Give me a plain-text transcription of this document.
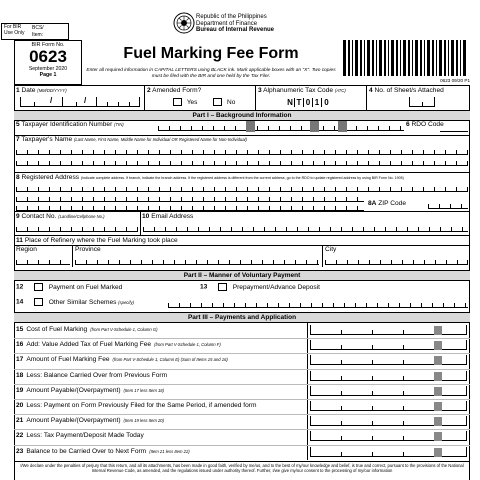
For BIR Use Only
BCS/ Item:
Republic of the Philippines
Department of Finance
Bureau of Internal Revenue
BIR Form No.
0623
September 2020
Page 1
Fuel Marking Fee Form
Enter all required information in CAPITAL LETTERS using BLACK ink. Mark applicable boxes with an "X". Two copies must be filed with the BIR and one held by the Tax Filer.
0623 09/20 P1
1 Date (MM/DD/YYYY)
/	/
2 Amended Form?
Yes	No
3 Alphanumeric Tax Code (ATC)
N T 0 1 0
4 No. of Sheet/s Attached
Part I – Background Information
5 Taxpayer Identification Number (TIN)	6 RDO Code
7 Taxpayer's Name (Last Name, First Name, Middle Name for Individual OR Registered Name for Non-Individual)
8 Registered Address (Indicate complete address. If branch, indicate the branch address. If the registered address is different from the current address, go to the RDO to update registered address by using BIR Form No. 1905)
8A ZIP Code
9 Contact No. (Landline/Cellphone No.)	10 Email Address
11 Place of Refinery where the Fuel Marking took place
Region	Province	City
Part II – Manner of Voluntary Payment
12	Payment on Fuel Marked	13	Prepayment/Advance Deposit
14	Other Similar Schemes (specify)
Part III – Payments and Application
15 Cost of Fuel Marking (from Part V-Schedule 1, Column G)
16 Add: Value Added Tax of Fuel Marking Fee (from Part V-Schedule 1, Column F)
17 Amount of Fuel Marking Fee (from Part V-Schedule 1, Column E) (Sum of Items 15 and 16)
18 Less: Balance Carried Over from Previous Form
19 Amount Payable/(Overpayment) (Item 17 less Item 18)
20 Less: Payment on Form Previously Filed for the Same Period, if amended form
21 Amount Payable/(Overpayment) (Item 19 less Item 20)
22 Less: Tax Payment/Deposit Made Today
23 Balance to be Carried Over to Next Form (Item 21 less Item 22)
I/We declare under the penalties of perjury that this return, and all its attachments, has been made in good faith, verified by me/us, and to the best of my/our knowledge and belief, is true and correct, pursuant to the provisions of the National Internal Revenue Code, as amended, and the regulations issued under authority thereof. Further, I/we give my/our consent to the processing of my/our information
